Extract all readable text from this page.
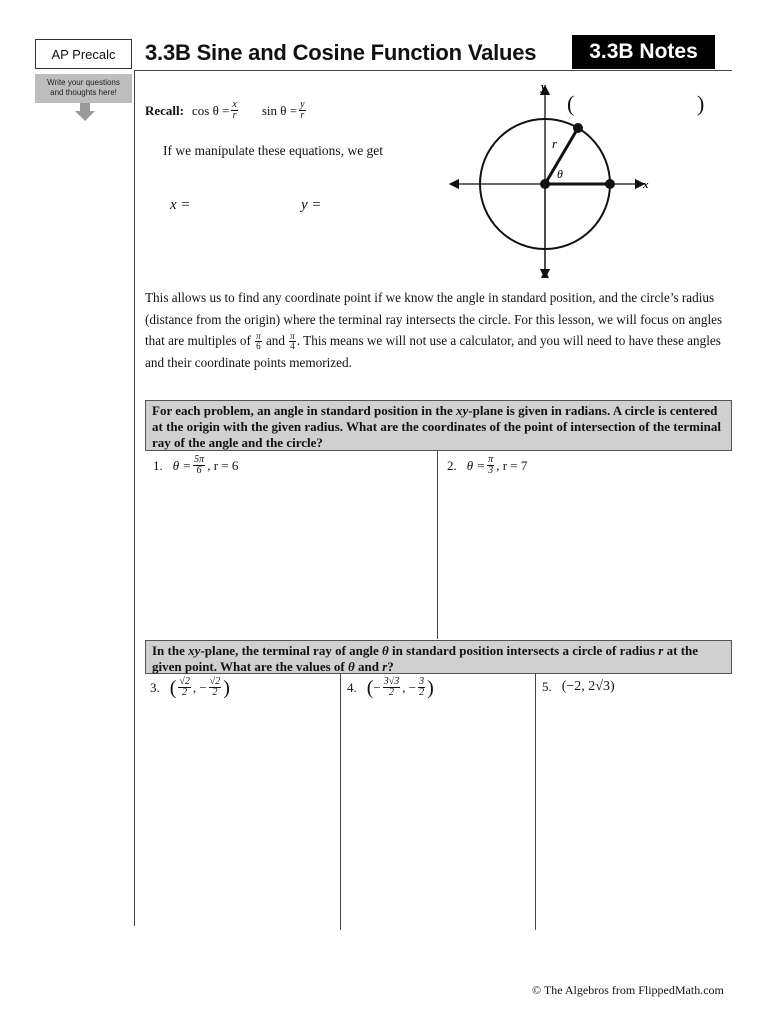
AP Precalc
Write your questions
and thoughts here!
3.3B Sine and Cosine Function Values	3.3B Notes
Recall: $\cos \theta = \frac{x}{r}$ $\sin \theta = \frac{y}{r}$
If we manipulate these equations, we get
x =	y =
(	)
y
x
r
θ
This allows us to find any coordinate point if we know the angle in standard position, and the circle’s radius (distance from the origin) where the terminal ray intersects the circle. For this lesson, we will focus on angles that are multiples of $\frac{\pi}{6}$ and $\frac{\pi}{4}$ . This means we will not use a calculator, and you will need to have these angles and their coordinate points memorized.
For each problem, an angle in standard position in the xy-plane is given in radians. A circle is centered at the origin with the given radius. What are the coordinates of the point of intersection of the terminal ray of the angle and the circle?
1. $\theta = \frac{5\pi}{6}$ , r = 6	2. $\theta = \frac{\pi}{3}$ , r = 7
In the xy-plane, the terminal ray of angle θ in standard position intersects a circle of radius r at the given point. What are the values of θ and r?
3. ( $\frac{√2}{2}$ , − $\frac{√2}{2}$ )	4. ( − $\frac{3√3}{2}$ , − $\frac{3}{2}$ )	5. (−2, 2√3)
© The Algebros from FlippedMath.com
